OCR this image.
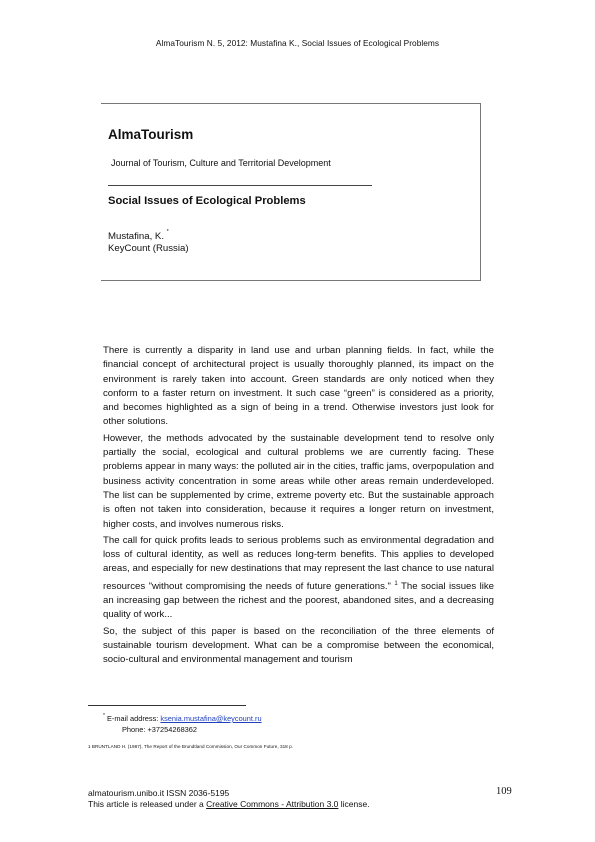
AlmaTourism N. 5, 2012: Mustafina K., Social Issues of Ecological Problems
AlmaTourism
Journal of Tourism, Culture and Territorial Development
Social Issues of Ecological Problems
Mustafina, K. *
KeyCount (Russia)

There is currently a disparity in land use and urban planning fields. In fact, while the financial concept of architectural project is usually thoroughly planned, its impact on the environment is rarely taken into account. Green standards are only noticed when they conform to a faster return on investment. It such case “green” is considered as a priority, and becomes highlighted as a sign of being in a trend. Otherwise investors just look for other solutions.

However, the methods advocated by the sustainable development tend to resolve only partially the social, ecological and cultural problems we are currently facing. These problems appear in many ways: the polluted air in the cities, traffic jams, overpopulation and business activity concentration in some areas while other areas remain underdeveloped. The list can be supplemented by crime, extreme poverty etc. But the sustainable approach is often not taken into consideration, because it requires a longer return on investment, higher costs, and involves numerous risks.

The call for quick profits leads to serious problems such as environmental degradation and loss of cultural identity, as well as reduces long-term benefits. This applies to developed areas, and especially for new destinations that may represent the last chance to use natural resources "without compromising the needs of future generations." $^1$ The social issues like an increasing gap between the richest and the poorest, abandoned sites, and a decreasing quality of work...

So, the subject of this paper is based on the reconciliation of the three elements of sustainable tourism development. What can be a compromise between the economical, socio-cultural and environmental management and tourism

* E-mail address: ksenia.mustafina@keycount.ru
Phone: +37254268362
1 BRUNTLAND H. (1987), The Report of the Brundtland Commission, Our Common Future, 318 p.
almatourism.unibo.it ISSN 2036-5195	109
This article is released under a Creative Commons - Attribution 3.0 license.
